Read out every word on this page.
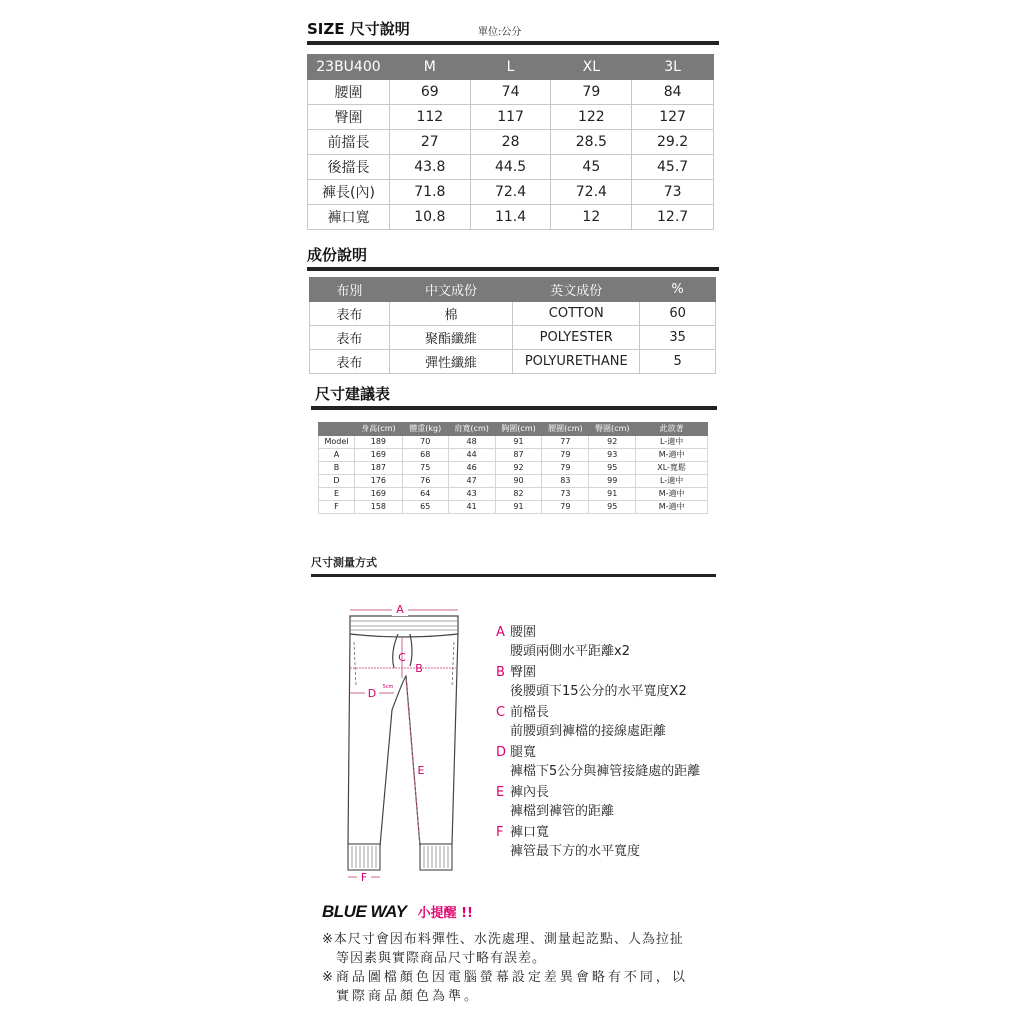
SIZE 尺寸說明	單位:公分
23BU400	M	L	XL	3L
腰圍	69	74	79	84
臀圍	112	117	122	127
前擋長	27	28	28.5	29.2
後擋長	43.8	44.5	45	45.7
褲長(內)	71.8	72.4	72.4	73
褲口寬	10.8	11.4	12	12.7
成份說明
布別	中文成份	英文成份	%
表布	棉	COTTON	60
表布	聚酯纖維	POLYESTER	35
表布	彈性纖維	POLYURETHANE	5
尺寸建議表
	身高(cm)	體重(kg)	肩寬(cm)	胸圍(cm)	腰圍(cm)	臀圍(cm)	此款著
Model	189	70	48	91	77	92	L-適中
A	169	68	44	87	79	93	M-適中
B	187	75	46	92	79	95	XL-寬鬆
D	176	76	47	90	83	99	L-適中
E	169	64	43	82	73	91	M-適中
F	158	65	41	91	79	95	M-適中
尺寸測量方式
A
B
C
5cm
D
E
F
A 腰圍
腰頭兩側水平距離x2
B 臀圍
後腰頭下15公分的水平寬度X2
C 前檔長
前腰頭到褲檔的接線處距離
D 腿寬
褲檔下5公分與褲管接縫處的距離
E 褲內長
褲檔到褲管的距離
F 褲口寬
褲管最下方的水平寬度
BLUE WAY 小提醒 !!
※本尺寸會因布料彈性、水洗處理、測量起訖點、人為拉扯
等因素與實際商品尺寸略有誤差。
※商品圖檔顏色因電腦螢幕設定差異會略有不同，以
實際商品顏色為準。
